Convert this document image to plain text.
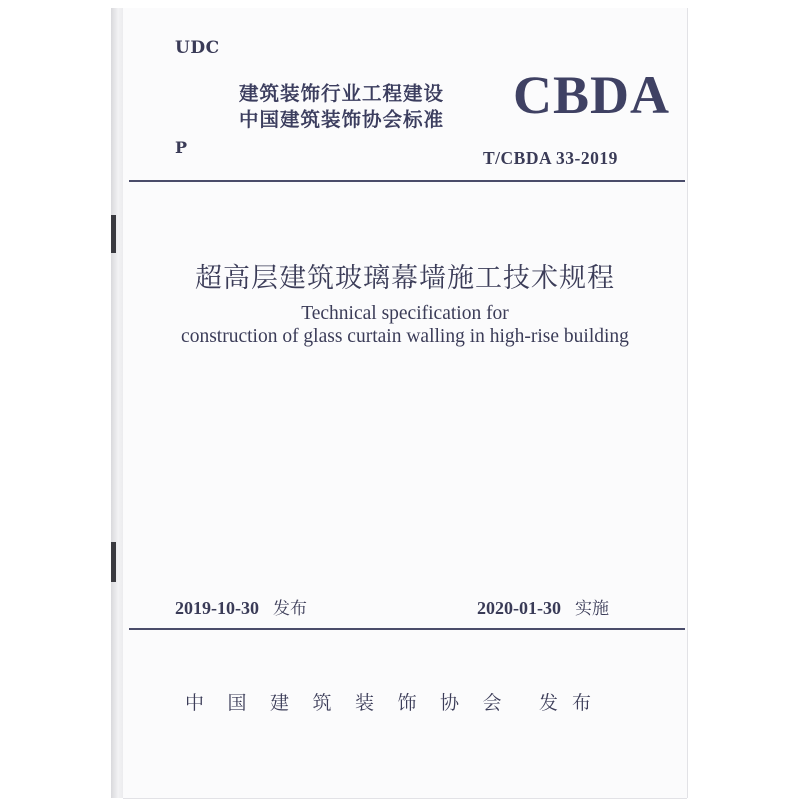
UDC
建筑装饰行业工程建设
中国建筑装饰协会标准 CBDA
P
T/CBDA 33-2019
超高层建筑玻璃幕墙施工技术规程
Technical specification for
construction of glass curtain walling in high-rise building
2019-10-30 发布	2020-01-30 实施
中 国 建 筑 装 饰 协 会 发布
